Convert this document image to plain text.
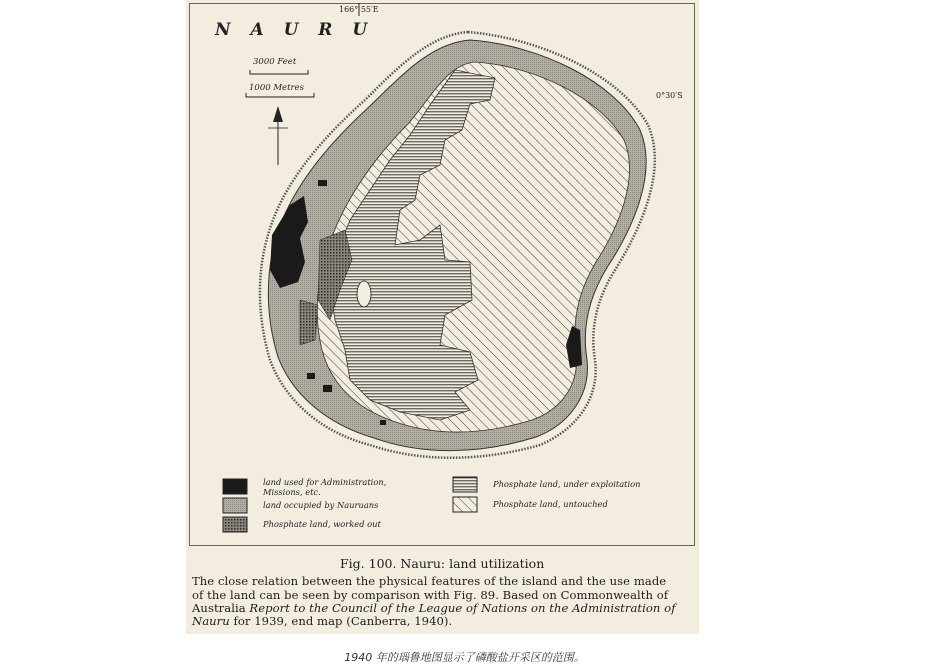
N A U R U
3000 Feet
1000 Metres
166° 55′E
0°30′S
land used for Administration,
Missions, etc.
land occupied by Nauruans
Phosphate land, worked out
Phosphate land, under exploitation
Phosphate land, untouched
Fig. 100. Nauru: land utilization
The close relation between the physical features of the island and the use made
of the land can be seen by comparison with Fig. 89. Based on Commonwealth of
Australia Report to the Council of the League of Nations on the Administration of
Nauru for 1939, end map (Canberra, 1940).
1940 年的瑙鲁地图显示了磷酸盐开采区的范围。
